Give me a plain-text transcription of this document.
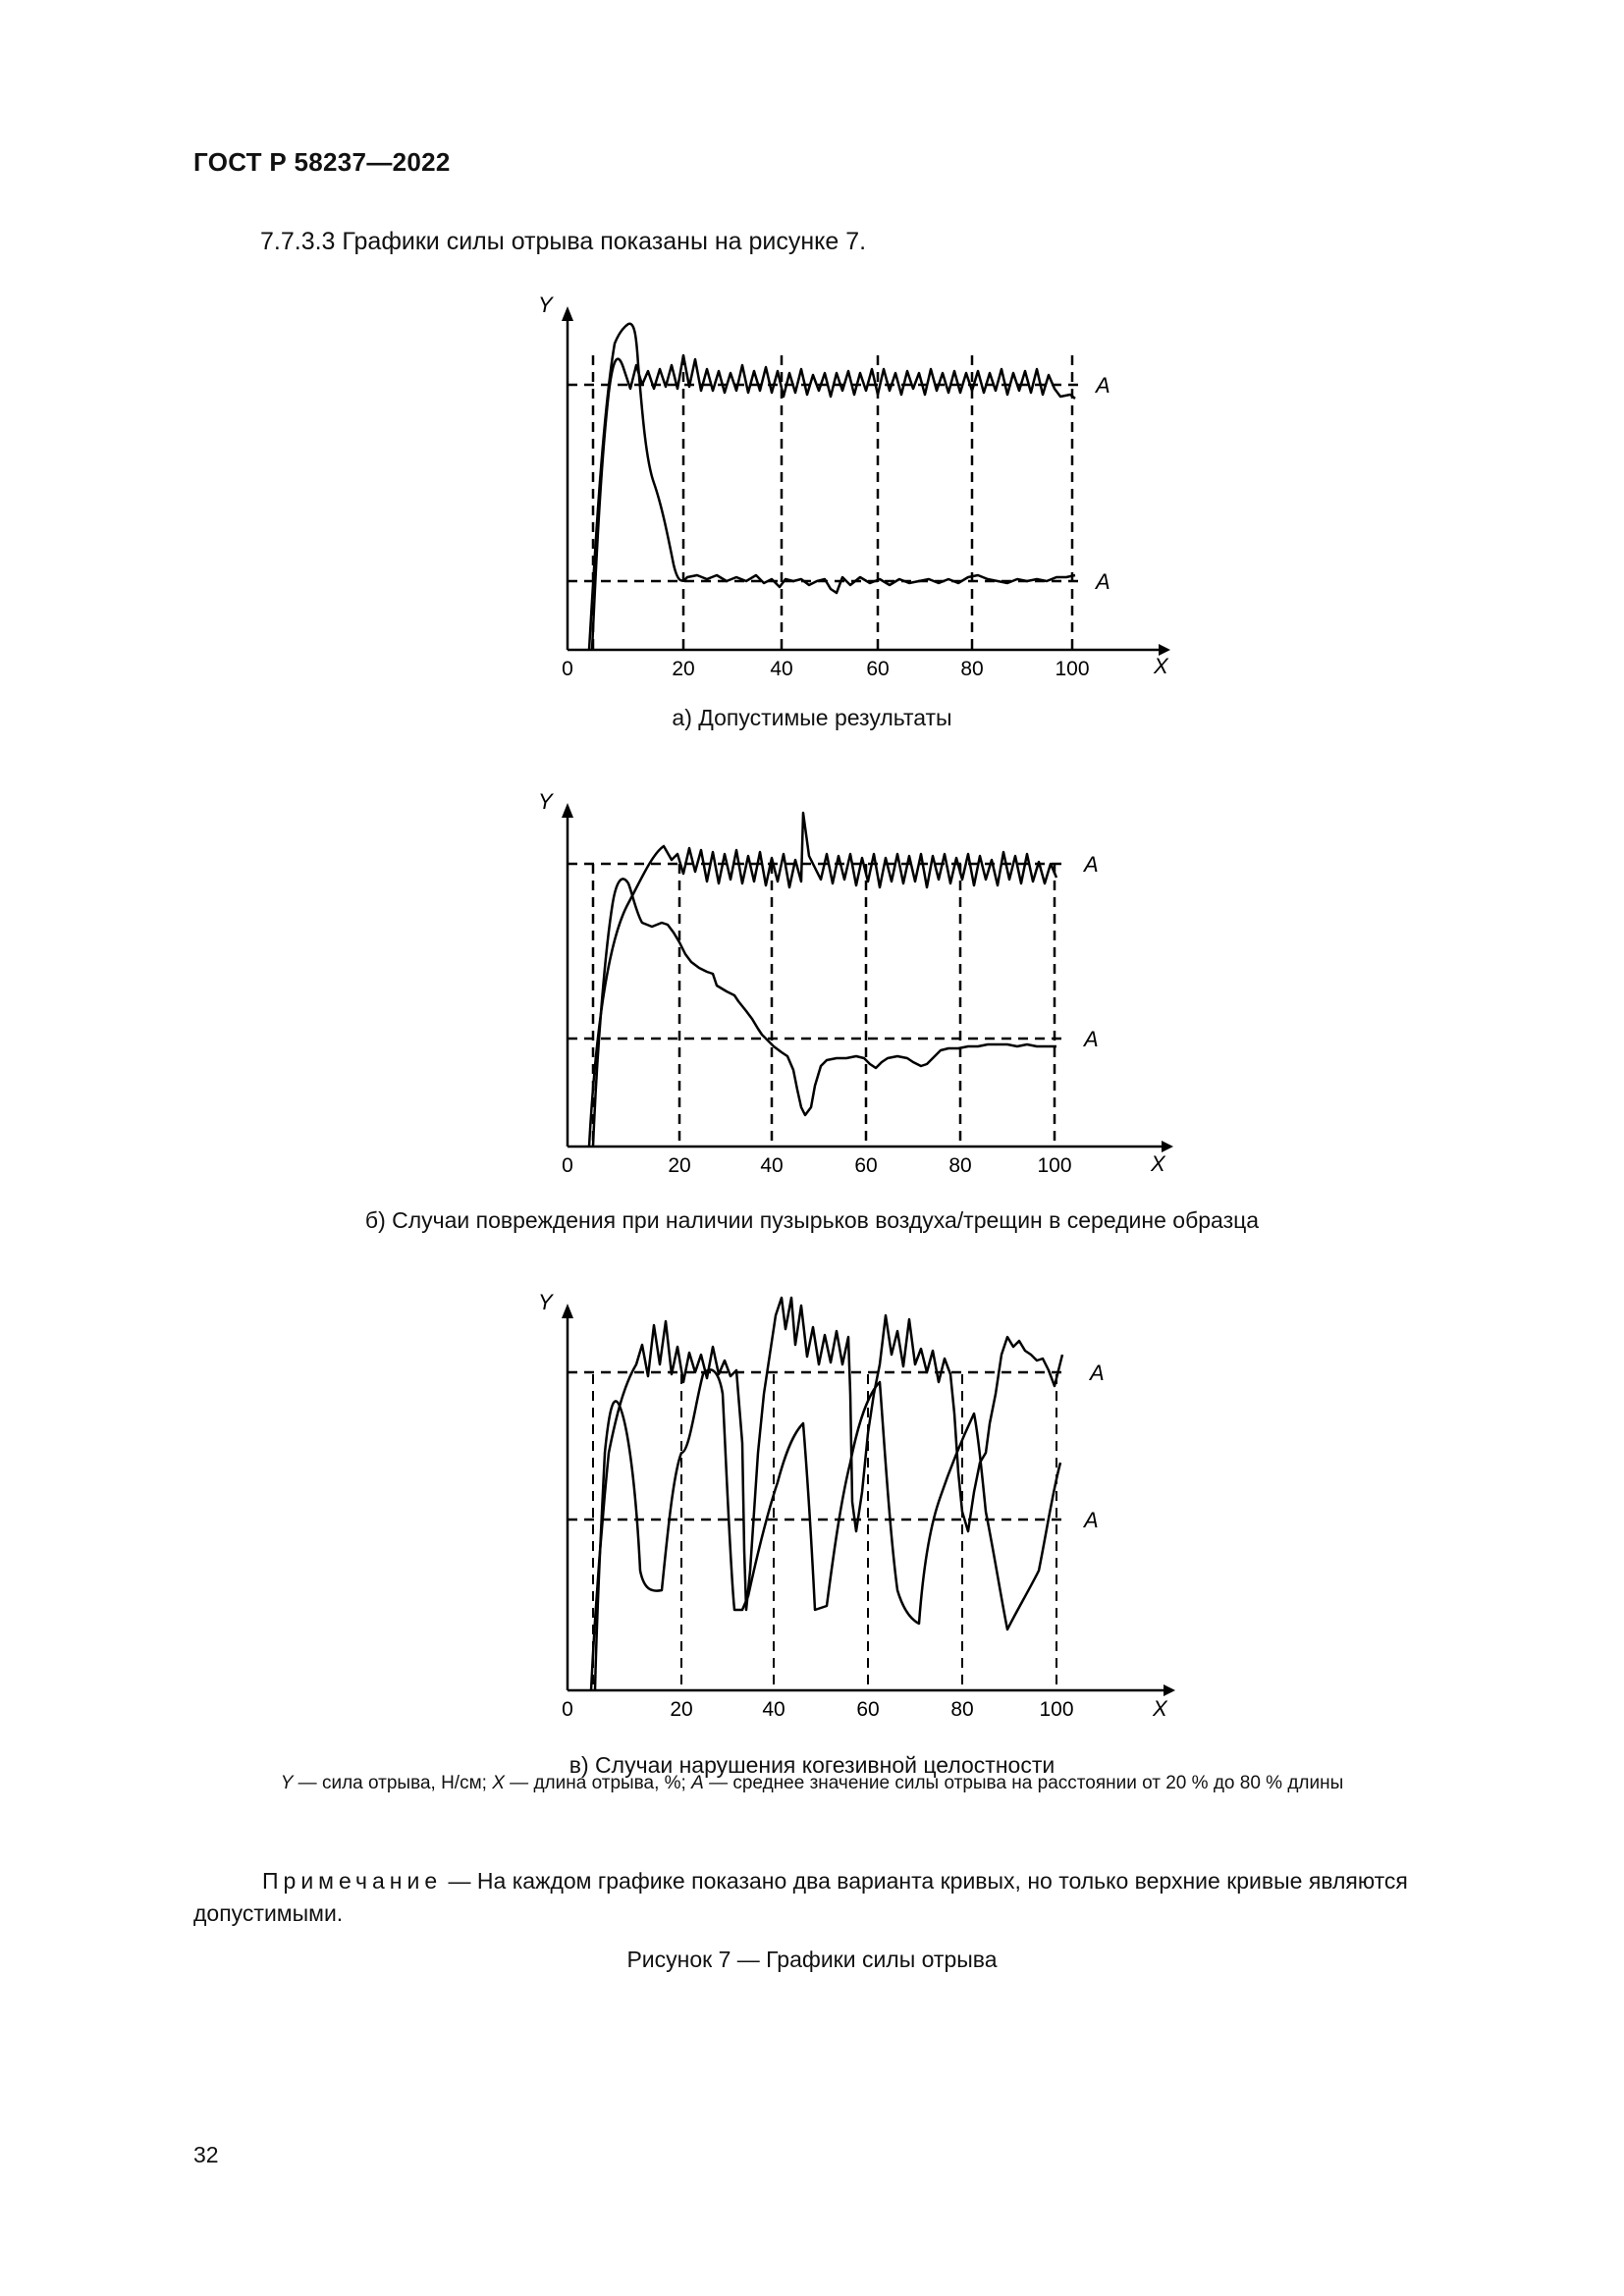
ГОСТ Р 58237—2022
7.7.3.3 Графики силы отрыва показаны на рисунке 7.
Y
X
A
A
0	20	40	60	80	100
а) Допустимые результаты
Y
X
A
A
0	20	40	60	80	100
б) Случаи повреждения при наличии пузырьков воздуха/трещин в середине образца
Y
X
A
A
0	20	40	60	80	100
в) Случаи нарушения когезивной целостности
Y — сила отрыва, Н/см; X — длина отрыва, %; A — среднее значение силы отрыва на расстоянии от 20 % до 80 % длины
Примечание — На каждом графике показано два варианта кривых, но только верхние кривые являются допустимыми.
Рисунок 7 — Графики силы отрыва
32
